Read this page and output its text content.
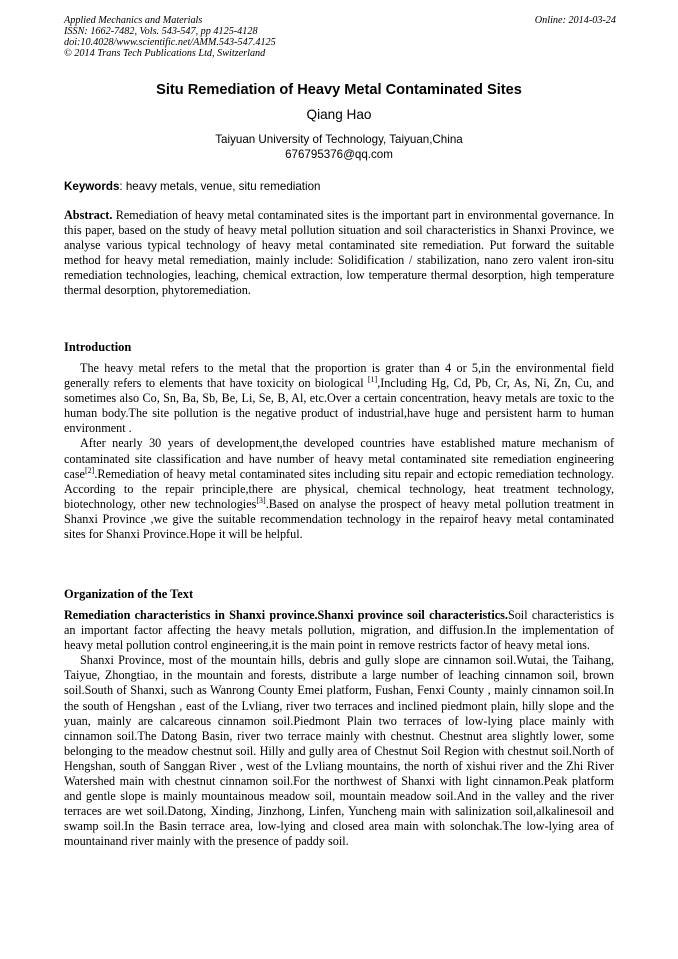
Applied Mechanics and Materials
ISSN: 1662-7482, Vols. 543-547, pp 4125-4128
doi:10.4028/www.scientific.net/AMM.543-547.4125
© 2014 Trans Tech Publications Ltd, Switzerland
Online: 2014-03-24
Situ Remediation of Heavy Metal Contaminated Sites
Qiang Hao
Taiyuan University of Technology, Taiyuan,China
676795376@qq.com
Keywords: heavy metals, venue, situ remediation

Abstract. Remediation of heavy metal contaminated sites is the important part in environmental governance. In this paper, based on the study of heavy metal pollution situation and soil characteristics in Shanxi Province, we analyse various typical technology of heavy metal contaminated site remediation. Put forward the suitable method for heavy metal remediation, mainly include: Solidification / stabilization, nano zero valent iron-situ remediation technologies, leaching, chemical extraction, low temperature thermal desorption, high temperature thermal desorption, phytoremediation.

Introduction

The heavy metal refers to the metal that the proportion is grater than 4 or 5,in the environmental field generally refers to elements that have toxicity on biological [1],Including Hg, Cd, Pb, Cr, As, Ni, Zn, Cu, and sometimes also Co, Sn, Ba, Sb, Be, Li, Se, B, Al, etc.Over a certain concentration, heavy metals are toxic to the human body.The site pollution is the negative product of industrial,have huge and persistent harm to human environment .

After nearly 30 years of development,the developed countries have established mature mechanism of contaminated site classification and have number of heavy metal contaminated site remediation engineering case[2].Remediation of heavy metal contaminated sites including situ repair and ectopic remediation technology. According to the repair principle,there are physical, chemical technology, heat treatment technology, biotechnology, other new technologies[3].Based on analyse the prospect of heavy metal pollution treatment in Shanxi Province ,we give the suitable recommendation technology in the repairof heavy metal contaminated sites for Shanxi Province.Hope it will be helpful.

Organization of the Text

Remediation characteristics in Shanxi province.Shanxi province soil characteristics.Soil characteristics is an important factor affecting the heavy metals pollution, migration, and diffusion.In the implementation of heavy metal pollution control engineering,it is the main point in remove restricts factor of heavy metal ions.

Shanxi Province, most of the mountain hills, debris and gully slope are cinnamon soil.Wutai, the Taihang, Taiyue, Zhongtiao, in the mountain and forests, distribute a large number of leaching cinnamon soil, brown soil.South of Shanxi, such as Wanrong County Emei platform, Fushan, Fenxi County , mainly cinnamon soil.In the south of Hengshan , east of the Lvliang, river two terraces and inclined piedmont plain, hilly slope and the yuan, mainly are calcareous cinnamon soil.Piedmont Plain two terraces of low-lying place mainly with cinnamon soil.The Datong Basin, river two terrace mainly with chestnut. Chestnut area slightly lower, some belonging to the meadow chestnut soil. Hilly and gully area of Chestnut Soil Region with chestnut soil.North of Hengshan, south of Sanggan River , west of the Lvliang mountains, the north of xishui river and the Zhi River Watershed main with chestnut cinnamon soil.For the northwest of Shanxi with light cinnamon.Peak platform and gentle slope is mainly mountainous meadow soil, mountain meadow soil.And in the valley and the river terraces are wet soil.Datong, Xinding, Jinzhong, Linfen, Yuncheng main with salinization soil,alkalinesoil and swamp soil.In the Basin terrace area, low-lying and closed area main with solonchak.The low-lying area of mountainand river mainly with the presence of paddy soil.
